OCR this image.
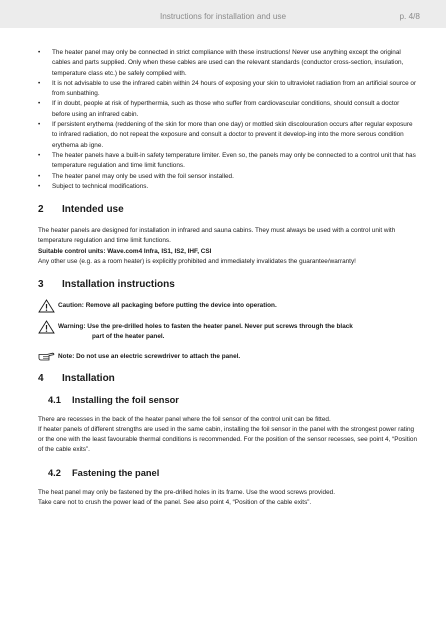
Instructions for installation and use	p. 4/8
• The heater panel may only be connected in strict compliance with these instructions! Never use anything except the original cables and parts supplied. Only when these cables are used can the relevant standards (conductor cross-section, insulation, temperature class etc.) be safely complied with.
• It is not advisable to use the infrared cabin within 24 hours of exposing your skin to ultraviolet radiation from an artificial source or from sunbathing.
• If in doubt, people at risk of hyperthermia, such as those who suffer from cardiovascular conditions, should consult a doctor before using an infrared cabin.
• If persistent erythema (reddening of the skin for more than one day) or mottled skin discolouration occurs after regular exposure to infrared radiation, do not repeat the exposure and consult a doctor to prevent it develop-ing into the more serous condition erythema ab igne.
• The heater panels have a built-in safety temperature limiter. Even so, the panels may only be connected to a control unit that has temperature regulation and time limit functions.
• The heater panel may only be used with the foil sensor installed.
• Subject to technical modifications.
2 Intended use

The heater panels are designed for installation in infrared and sauna cabins. They must always be used with a control unit with temperature regulation and time limit functions.

Suitable control units: Wave.com4 Infra, IS1, IS2, IHF, CSI

Any other use (e.g. as a room heater) is explicitly prohibited and immediately invalidates the guarantee/warranty!

3 Installation instructions
Caution: Remove all packaging before putting the device into operation.
Warning: Use the pre-drilled holes to fasten the heater panel. Never put screws through the black
part of the heater panel.
Note: Do not use an electric screwdriver to attach the panel.
4 Installation
4.1 Installing the foil sensor

There are recesses in the back of the heater panel where the foil sensor of the control unit can be fitted.

If heater panels of different strengths are used in the same cabin, installing the foil sensor in the panel with the strongest power rating or the one with the least favourable thermal conditions is recommended. For the position of the sensor recesses, see point 4, “Position of the cable exits”.

4.2 Fastening the panel

The heat panel may only be fastened by the pre-drilled holes in its frame. Use the wood screws provided.

Take care not to crush the power lead of the panel. See also point 4, “Position of the cable exits”.
